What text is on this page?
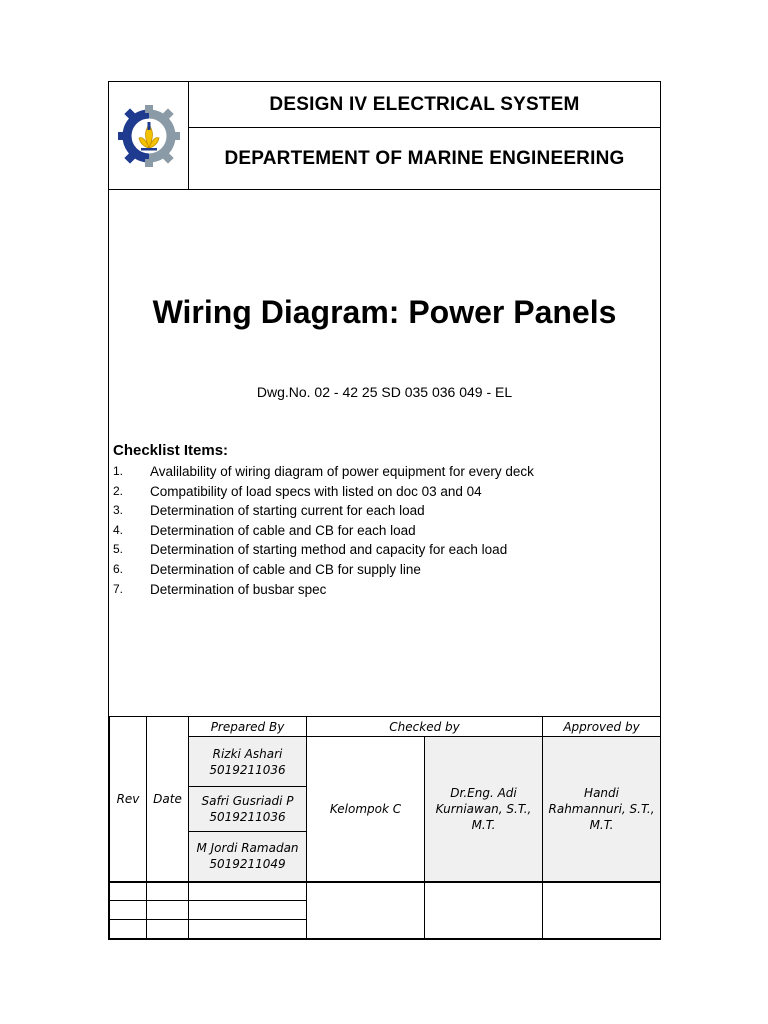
DESIGN IV ELECTRICAL SYSTEM
DEPARTEMENT OF MARINE ENGINEERING
Wiring Diagram: Power Panels
Dwg.No. 02 - 42 25 SD 035 036 049 - EL
Checklist Items:
1.	Avalilability of wiring diagram of power equipment for every deck
2.	Compatibility of load specs with listed on doc 03 and 04
3.	Determination of starting current for each load
4.	Determination of cable and CB for each load
5.	Determination of starting method and capacity for each load
6.	Determination of cable and CB for supply line
7.	Determination of busbar spec
Rev	Date	Prepared By	Checked by		Approved by
		Rizki Ashari 5019211036	Kelompok C	Dr.Eng. Adi Kurniawan, S.T., M.T.	Handi Rahmannuri, S.T., M.T.
		Safri Gusriadi P 5019211036			
		M Jordi Ramadan 5019211049			
